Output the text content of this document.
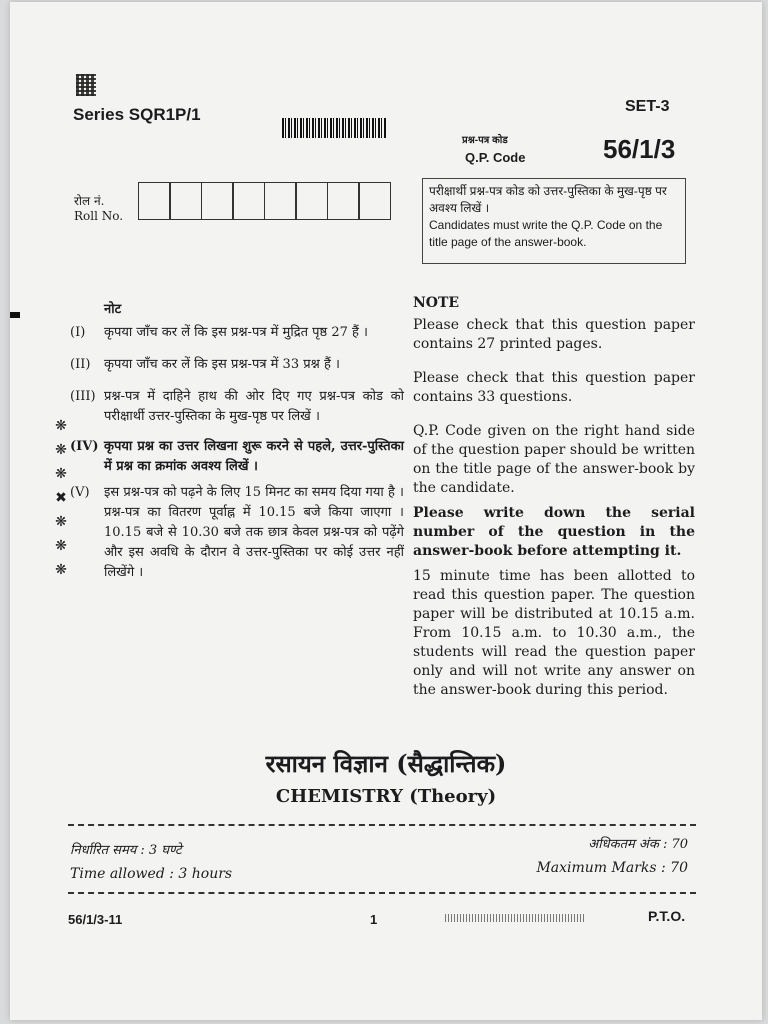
Series SQR1P/1	SET-3
प्रश्न-पत्र कोड
Q.P. Code	56/1/3
रोल नं.
Roll No.
परीक्षार्थी प्रश्न-पत्र कोड को उत्तर-पुस्तिका के मुख-पृष्ठ पर अवश्य लिखें ।
Candidates must write the Q.P. Code on the title page of the answer-book.
❋
❋
❋
✖
❋
❋
❋
नोट
(I)	कृपया जाँच कर लें कि इस प्रश्न-पत्र में मुद्रित पृष्ठ 27 हैं ।
(II)	कृपया जाँच कर लें कि इस प्रश्न-पत्र में 33 प्रश्न हैं ।
(III) प्रश्न-पत्र में दाहिने हाथ की ओर दिए गए प्रश्न-पत्र कोड को परीक्षार्थी उत्तर-पुस्तिका के मुख-पृष्ठ पर लिखें ।
(IV) कृपया प्रश्न का उत्तर लिखना शुरू करने से पहले, उत्तर-पुस्तिका में प्रश्न का क्रमांक अवश्य लिखें ।
(V)	इस प्रश्न-पत्र को पढ़ने के लिए 15 मिनट का समय दिया गया है । प्रश्न-पत्र का वितरण पूर्वाह्न में 10.15 बजे किया जाएगा । 10.15 बजे से 10.30 बजे तक छात्र केवल प्रश्न-पत्र को पढ़ेंगे और इस अवधि के दौरान वे उत्तर-पुस्तिका पर कोई उत्तर नहीं लिखेंगे ।
NOTE
Please check that this question paper contains 27 printed pages.
Please check that this question paper contains 33 questions.
Q.P. Code given on the right hand side of the question paper should be written on the title page of the answer-book by the candidate.
Please write down the serial number of the question in the answer-book before attempting it.
15 minute time has been allotted to read this question paper. The question paper will be distributed at 10.15 a.m. From 10.15 a.m. to 10.30 a.m., the students will read the question paper only and will not write any answer on the answer-book during this period.
रसायन विज्ञान (सैद्धान्तिक)
CHEMISTRY (Theory)
निर्धारित समय : 3 घण्टे
Time allowed : 3 hours
अधिकतम अंक : 70
Maximum Marks : 70
56/1/3-11	1	P.T.O.
